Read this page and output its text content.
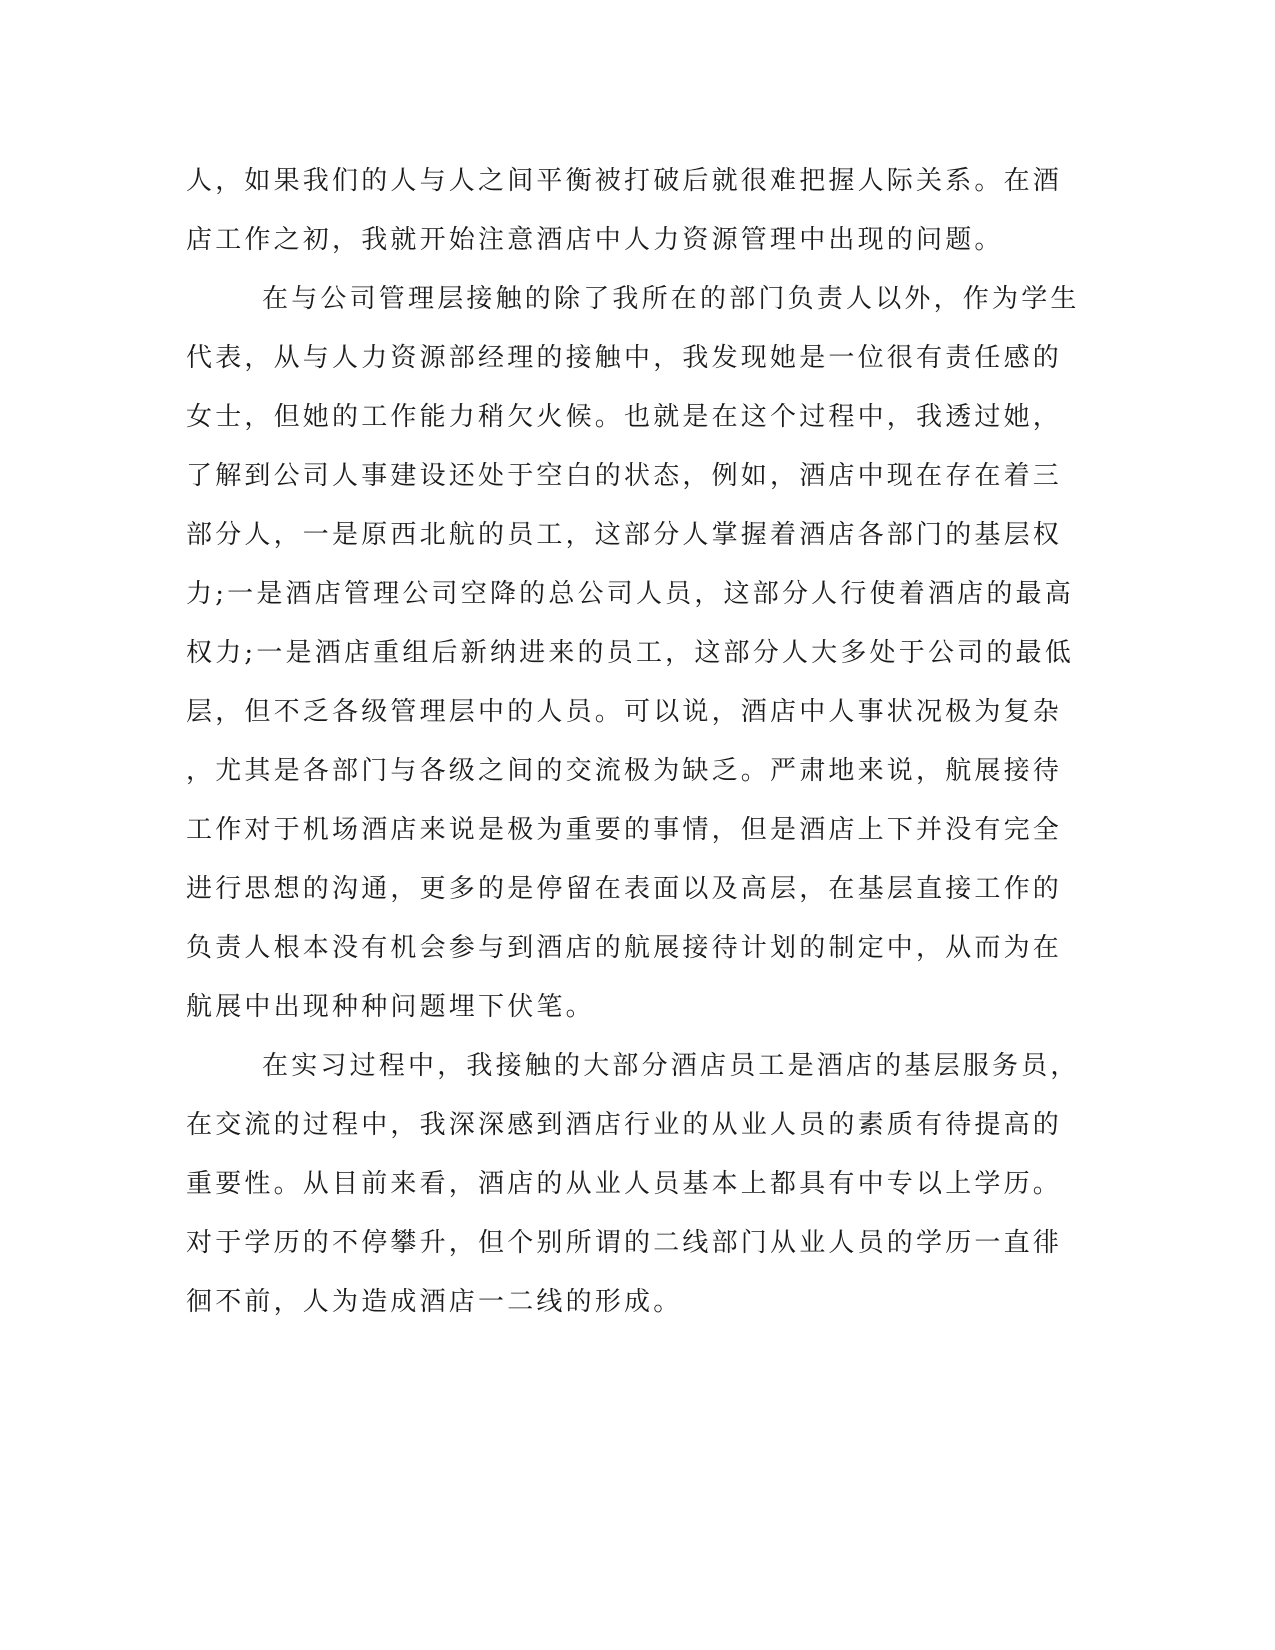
人，如果我们的人与人之间平衡被打破后就很难把握人际关系。在酒

店工作之初，我就开始注意酒店中人力资源管理中出现的问题。

在与公司管理层接触的除了我所在的部门负责人以外，作为学生

代表，从与人力资源部经理的接触中，我发现她是一位很有责任感的

女士，但她的工作能力稍欠火候。也就是在这个过程中，我透过她，

了解到公司人事建设还处于空白的状态，例如，酒店中现在存在着三

部分人，一是原西北航的员工，这部分人掌握着酒店各部门的基层权

力;一是酒店管理公司空降的总公司人员，这部分人行使着酒店的最高

权力;一是酒店重组后新纳进来的员工，这部分人大多处于公司的最低

层，但不乏各级管理层中的人员。可以说，酒店中人事状况极为复杂

，尤其是各部门与各级之间的交流极为缺乏。严肃地来说，航展接待

工作对于机场酒店来说是极为重要的事情，但是酒店上下并没有完全

进行思想的沟通，更多的是停留在表面以及高层，在基层直接工作的

负责人根本没有机会参与到酒店的航展接待计划的制定中，从而为在

航展中出现种种问题埋下伏笔。

在实习过程中，我接触的大部分酒店员工是酒店的基层服务员，

在交流的过程中，我深深感到酒店行业的从业人员的素质有待提高的

重要性。从目前来看，酒店的从业人员基本上都具有中专以上学历。

对于学历的不停攀升，但个别所谓的二线部门从业人员的学历一直徘

徊不前，人为造成酒店一二线的形成。
